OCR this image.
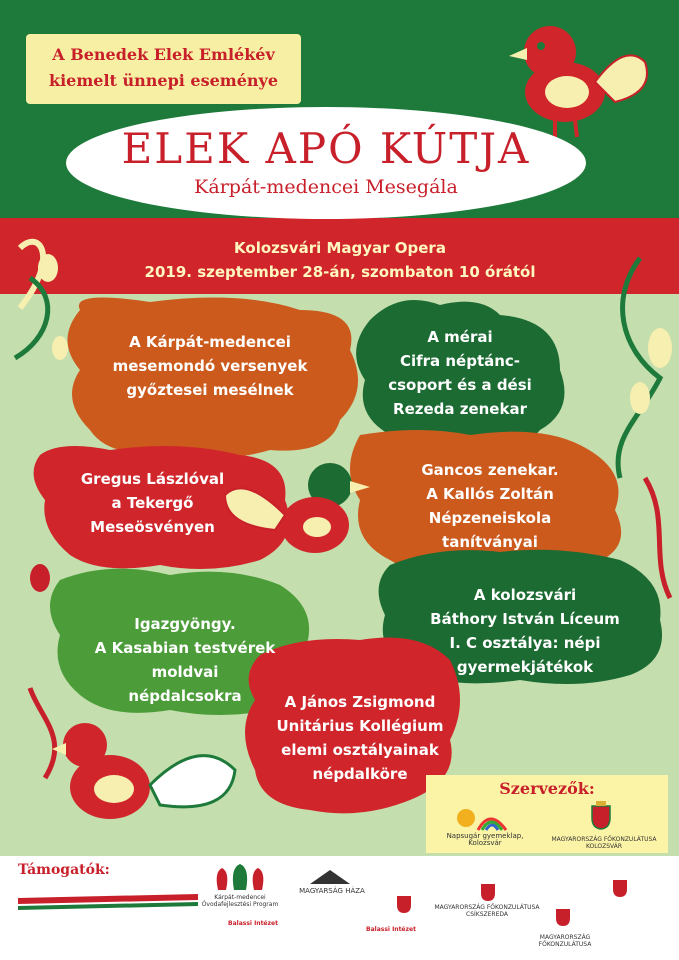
A Benedek Elek Emlékév
kiemelt ünnepi eseménye
ELEK APÓ KÚTJA
Kárpát-medencei Mesegála
Kolozsvári Magyar Opera
2019. szeptember 28-án, szombaton 10 órától
A Kárpát-medencei
mesemondó versenyek
győztesei mesélnek
A mérai
Cifra néptánc-
csoport és a dési
Rezeda zenekar
Gregus Lászlóval
a Tekergő
Meseösvényen
Gancos zenekar.
A Kallós Zoltán
Népzeneiskola
tanítványai
A kolozsvári
Báthory István Líceum
I. C osztálya: népi
gyermekjátékok
Igazgyöngy.
A Kasabian testvérek
moldvai
népdalcsokra	A János Zsigmond
Unitárius Kollégium
elemi osztályainak
népdalköre
Szervezők:
Napsugár gyemeklap,
Kolozsvár	MAGYARORSZÁG FŐKONZULÁTUSA
KOLOZSVÁR
Támogatók:
Kárpát-medencei Óvodafejlesztési Program
MAGYARSÁG HÁZA
MAGYARORSZÁG FŐKONZULÁTUSA CSÍKSZEREDA
Balassi Intézet
Balassi Intézet
MAGYARORSZÁG FŐKONZULÁTUSA
